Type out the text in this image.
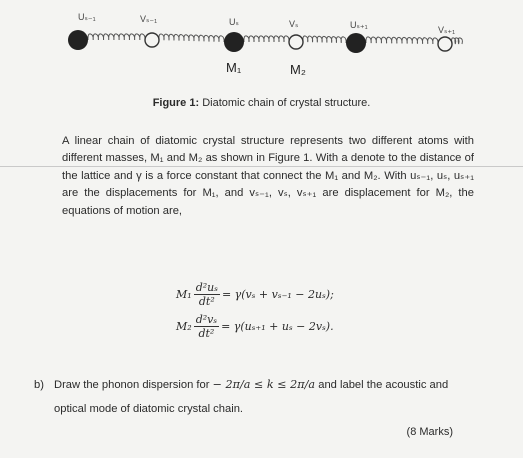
Uₛ₋₁	Vₛ₋₁	Uₛ	Vₛ	Uₛ₊₁	Vₛ₊₁
M₁	M₂
Figure 1: Diatomic chain of crystal structure.
A linear chain of diatomic crystal structure represents two different atoms with different masses, M₁ and M₂ as shown in Figure 1. With a denote to the distance of the lattice and γ is a force constant that connect the M₁ and M₂. With uₛ₋₁, uₛ, uₛ₊₁ are the displacements for M₁, and vₛ₋₁, vₛ, vₛ₊₁ are displacement for M₂, the equations of motion are,
$M_1 \frac{\text{d²uₛ}}{\text{dt²}} = \gamma(v_s + v_{s-1} - 2u_s)$;
$M_2 \frac{\text{d²vₛ}}{\text{dt²}} = \gamma(u_{s+1} + u_s - 2v_s)$.
b) Draw the phonon dispersion for − 2π/a ≤ k ≤ 2π/a and label the acoustic and optical mode of diatomic crystal chain.
(8 Marks)
